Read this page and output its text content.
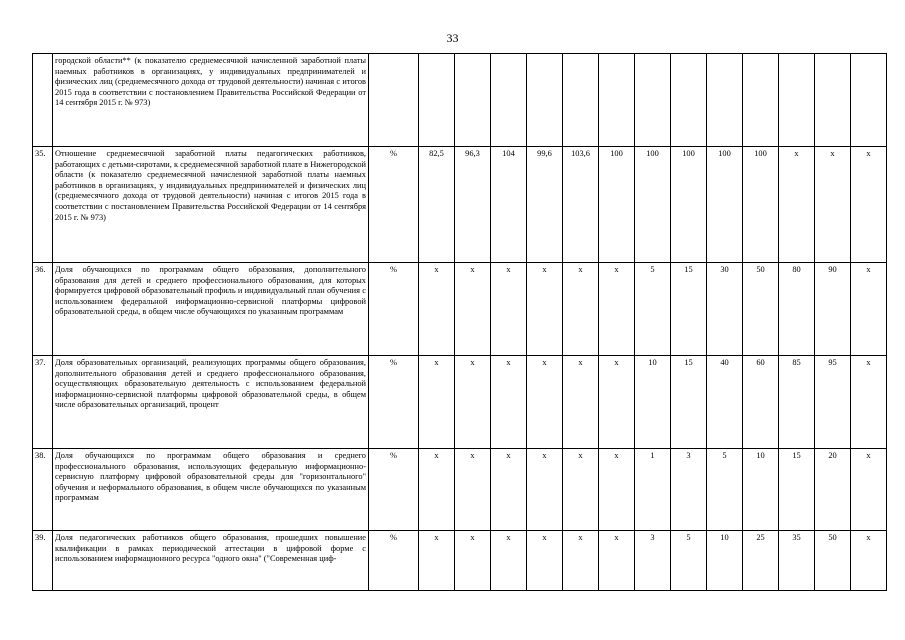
33
	городской области** (к показателю среднемесячной начисленной заработной платы наемных работников в организациях, у индивидуальных предпринимателей и физических лиц (среднемесячного дохода от трудовой деятельности) начиная с итогов 2015 года в соответствии с постановлением Правительства Российской Федерации от 14 сентября 2015 г. № 973)														
35.	Отношение среднемесячной заработной платы педагогических работников, работающих с детьми-сиротами, к среднемесячной заработной плате в Нижегородской области (к показателю среднемесячной начисленной заработной платы наемных работников в организациях, у индивидуальных предпринимателей и физических лиц (среднемесячного дохода от трудовой деятельности) начиная с итогов 2015 года в соответствии с постановлением Правительства Российской Федерации от 14 сентября 2015 г. № 973)	%	82,5	96,3	104	99,6	103,6	100	100	100	100	100	x	x	x
36.	Доля обучающихся по программам общего образования, дополнительного образования для детей и среднего профессионального образования, для которых формируется цифровой образовательный профиль и индивидуальный план обучения с использованием федеральной информационно-сервисной платформы цифровой образовательной среды, в общем числе обучающихся по указанным программам	%	x	x	x	x	x	x	5	15	30	50	80	90	x
37.	Доля образовательных организаций, реализующих программы общего образования, дополнительного образования детей и среднего профессионального образования, осуществляющих образовательную деятельность с использованием федеральной информационно-сервисной платформы цифровой образовательной среды, в общем числе образовательных организаций, процент	%	x	x	x	x	x	x	10	15	40	60	85	95	x
38.	Доля обучающихся по программам общего образования и среднего профессионального образования, использующих федеральную информационно-сервисную платформу цифровой образовательной среды для "горизонтального" обучения и неформального образования, в общем числе обучающихся по указанным программам	%	x	x	x	x	x	x	1	3	5	10	15	20	x
39.	Доля педагогических работников общего образования, прошедших повышение квалификации в рамках периодической аттестации в цифровой форме с использованием информационного ресурса "одного окна" ("Современная циф-	%	x	x	x	x	x	x	3	5	10	25	35	50	x
